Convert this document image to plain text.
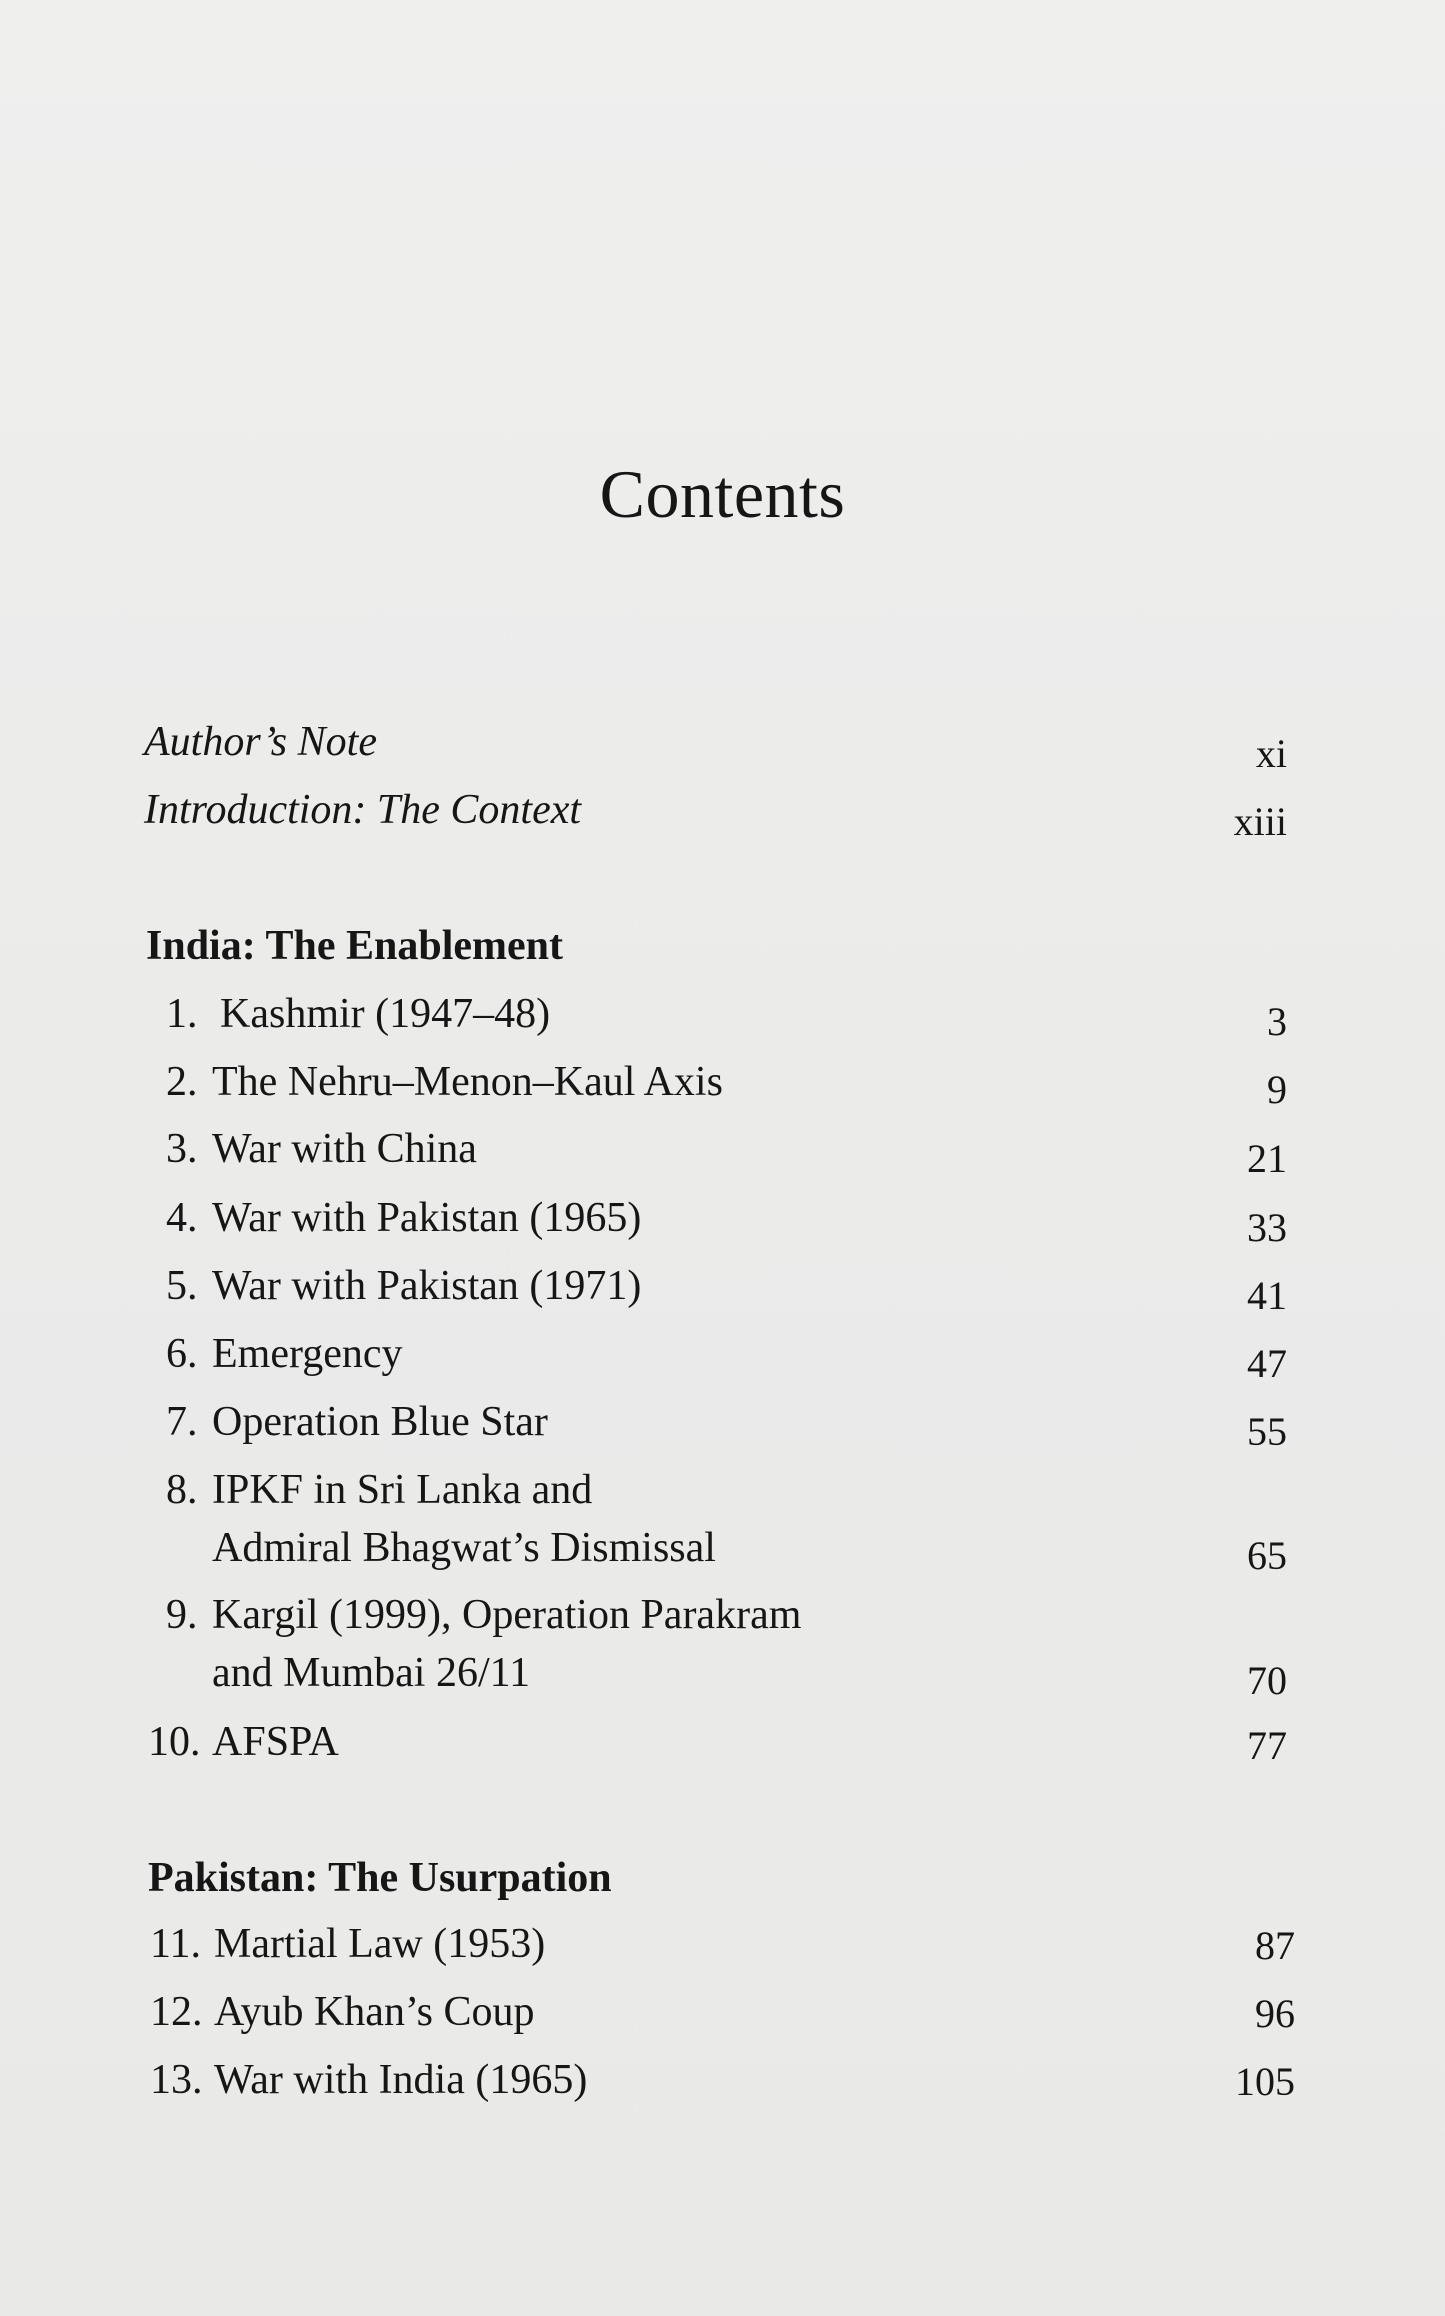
Contents
Author’s Note	xi
Introduction: The Context	xiii
India: The Enablement
1. Kashmir (1947–48)	3
2. The Nehru–Menon–Kaul Axis	9
3. War with China	21
4. War with Pakistan (1965)	33
5. War with Pakistan (1971)	41
6. Emergency	47
7. Operation Blue Star	55
8. IPKF in Sri Lanka and
Admiral Bhagwat’s Dismissal	65
9. Kargil (1999), Operation Parakram
and Mumbai 26/11	70
10. AFSPA	77
Pakistan: The Usurpation
11. Martial Law (1953)	87
12. Ayub Khan’s Coup	96
13. War with India (1965)	105
